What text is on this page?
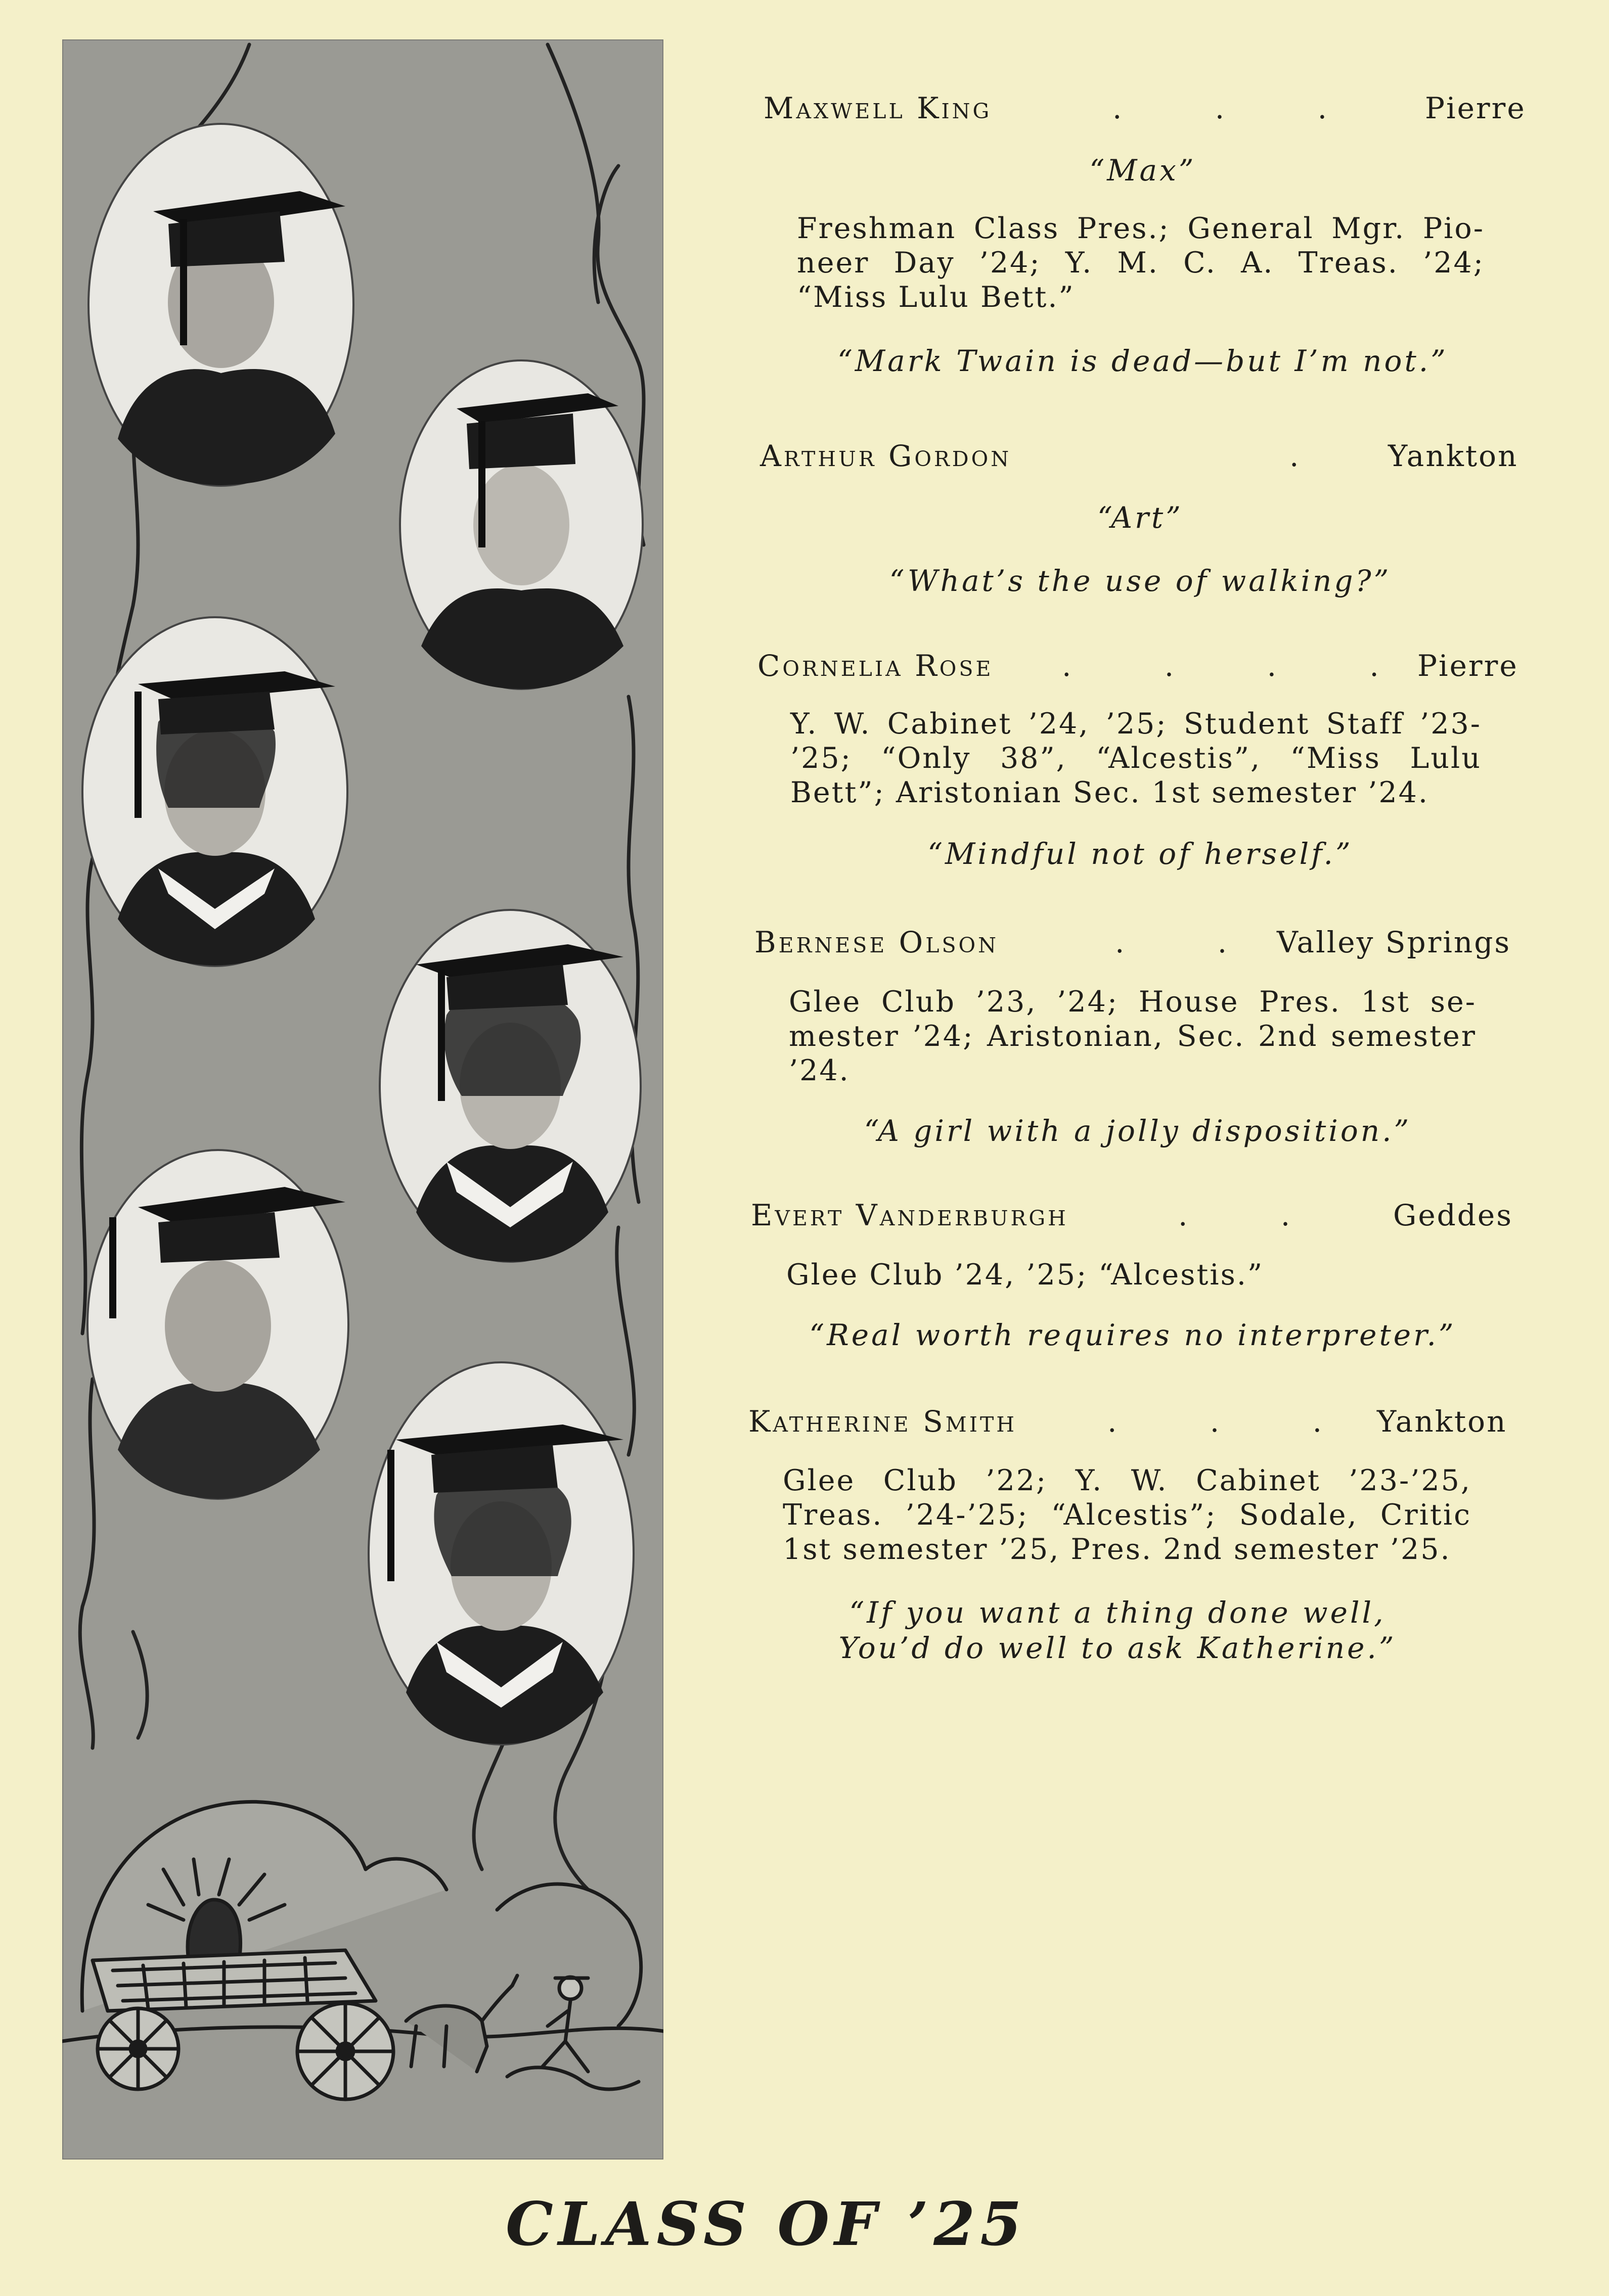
Maxwell King	.          .          .	Pierre
“Max”
Freshman Class Pres.; General Mgr. Pio-
neer Day ’24; Y. M. C. A. Treas. ’24;
“Miss Lulu Bett.”
“Mark Twain is dead—but I’m not.”
Arthur Gordon	.	Yankton
“Art”
“What’s the use of walking?”
Cornelia Rose .          .          .          . Pierre
Y. W. Cabinet ’24, ’25; Student Staff ’23-
’25; “Only 38”, “Alcestis”, “Miss Lulu
Bett”; Aristonian Sec. 1st semester ’24.
“Mindful not of herself.”
Bernese Olson	.          . Valley Springs
Glee Club ’23, ’24; House Pres. 1st se-
mester ’24; Aristonian, Sec. 2nd semester
’24.
“A girl with a jolly disposition.”
Evert Vanderburgh	.          .	Geddes
Glee Club ’24, ’25; “Alcestis.”
“Real worth requires no interpreter.”
Katherine Smith	.          .          . Yankton
Glee Club ’22; Y. W. Cabinet ’23-’25,
Treas. ’24-’25; “Alcestis”; Sodale, Critic
1st semester ’25, Pres. 2nd semester ’25.
“If you want a thing done well,
You’d do well to ask Katherine.”
CLASS OF ’25
